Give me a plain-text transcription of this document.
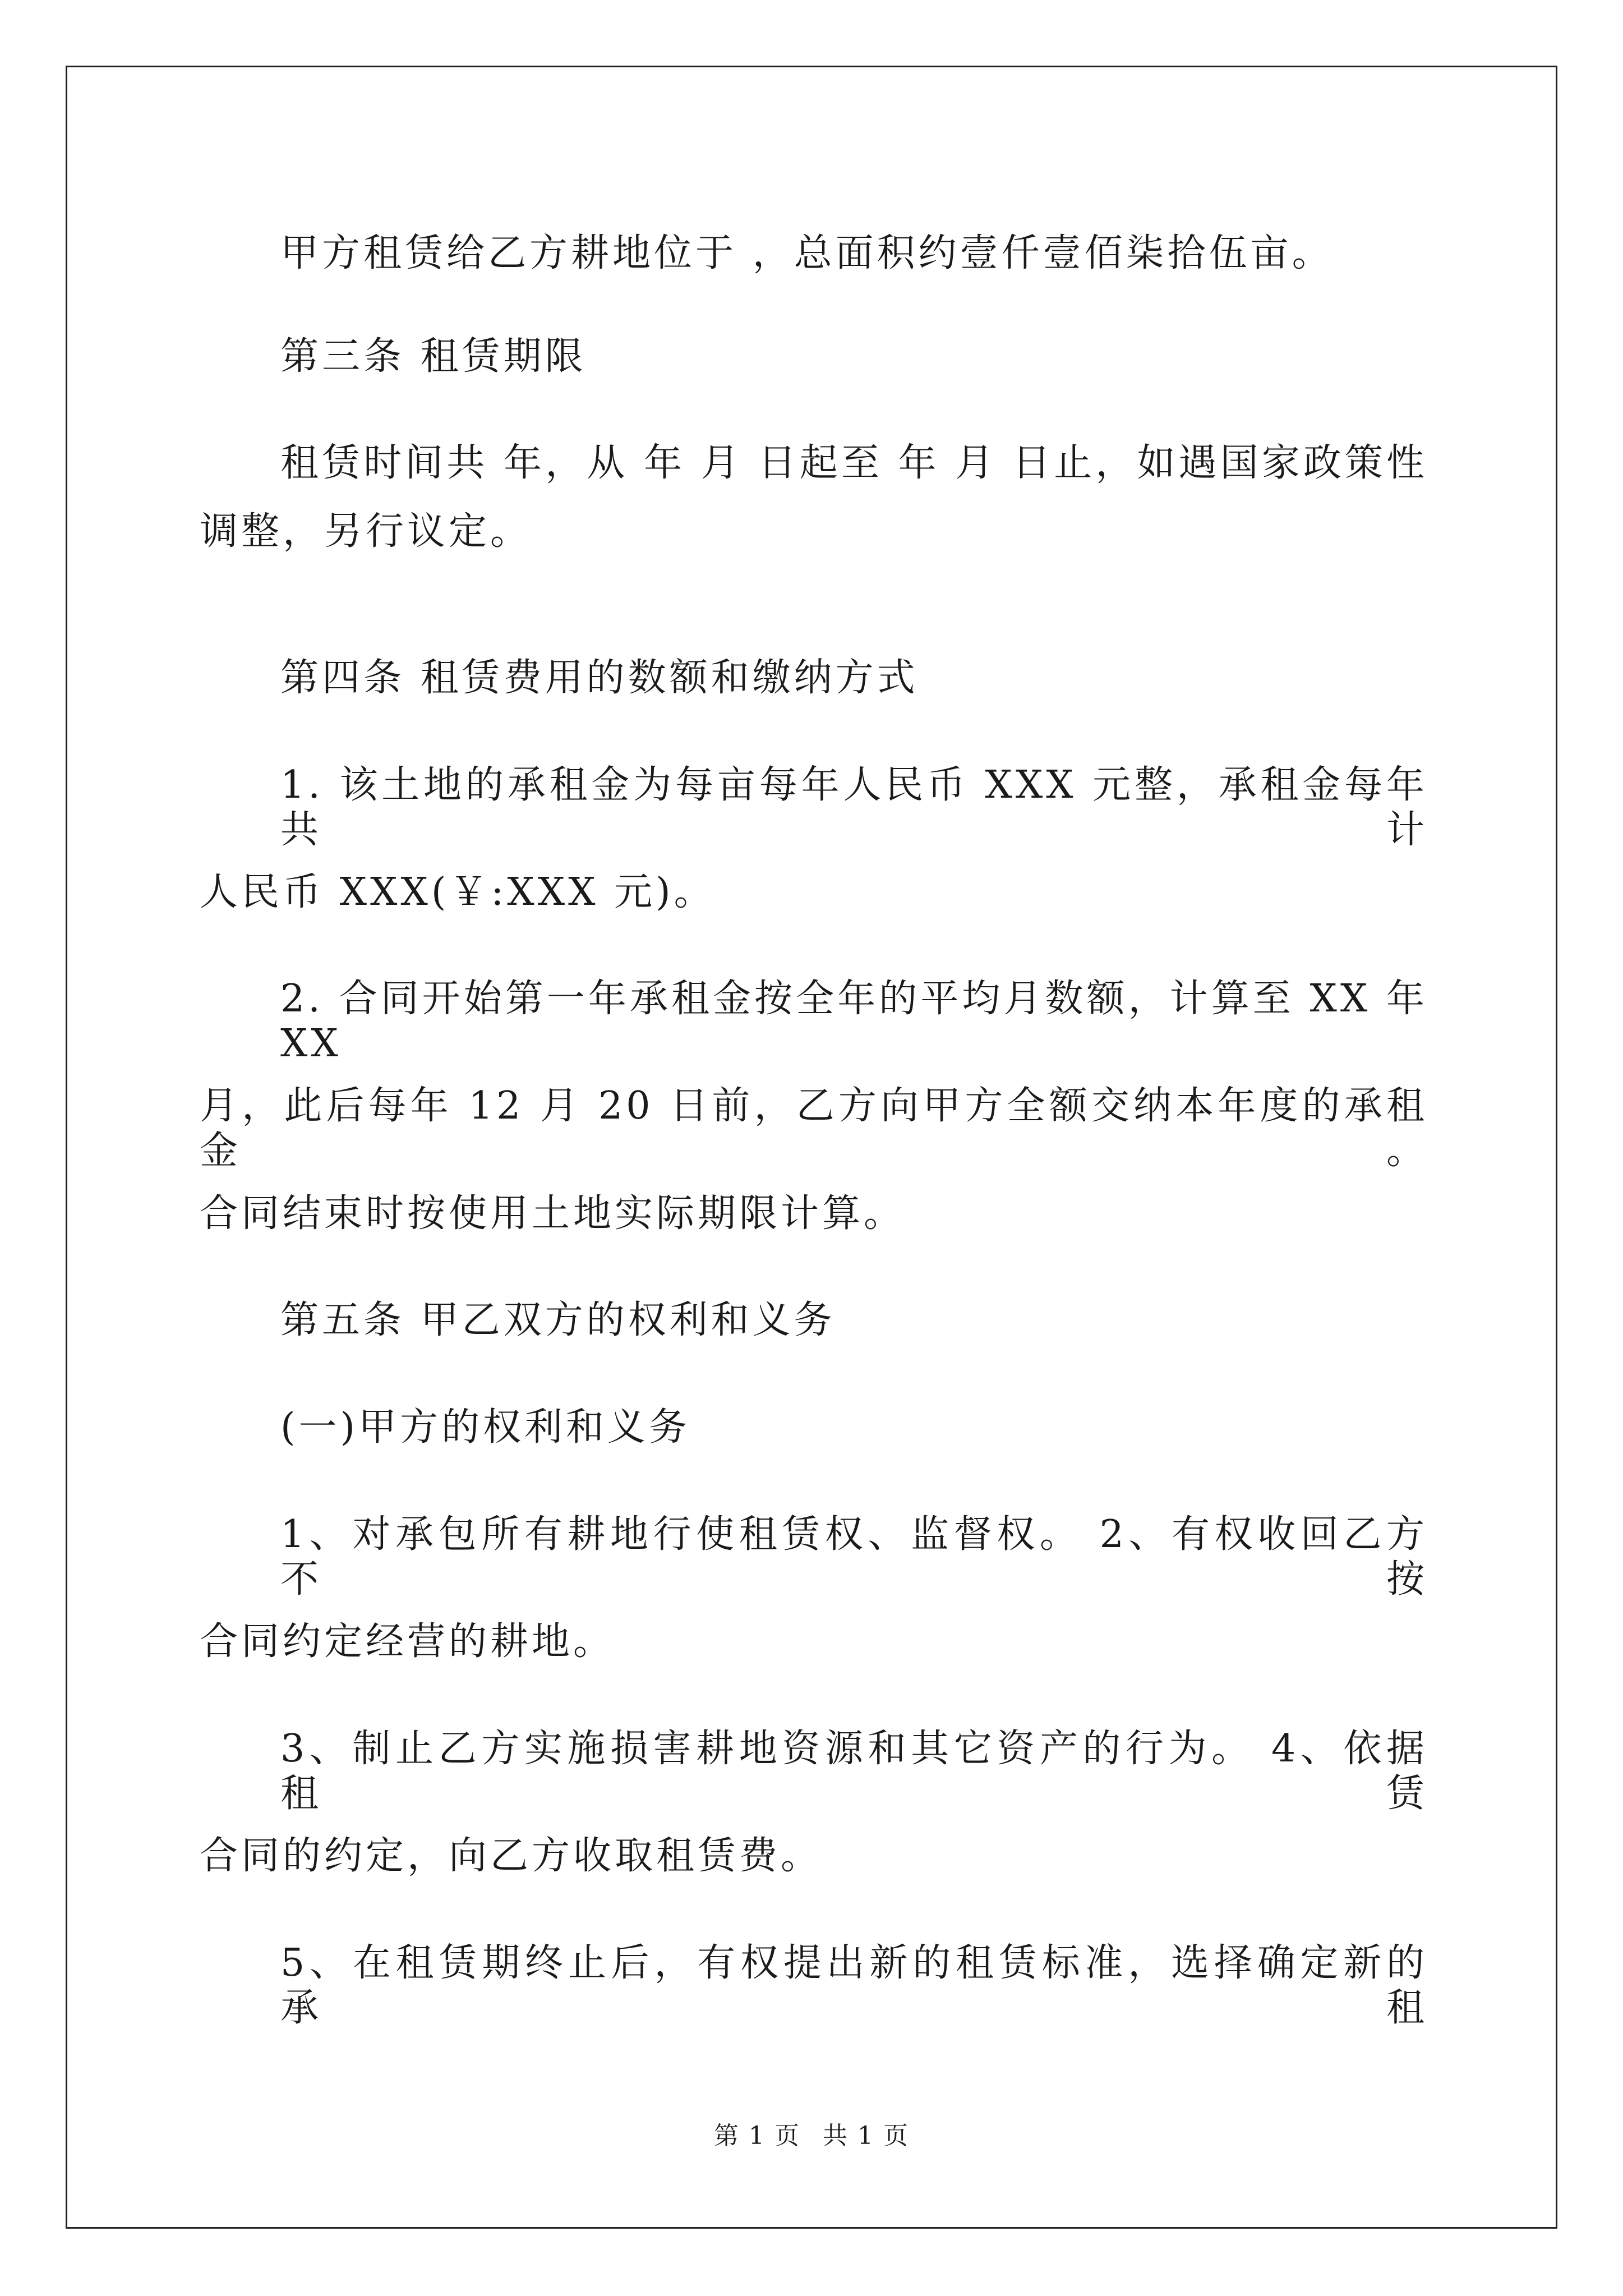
甲方租赁给乙方耕地位于 ，总面积约壹仟壹佰柒拾伍亩。
第三条 租赁期限
租赁时间共 年，从 年 月 日起至 年 月 日止，如遇国家政策性
调整，另行议定。
第四条 租赁费用的数额和缴纳方式
1. 该土地的承租金为每亩每年人民币 XXX 元整，承租金每年共计
人民币 XXX(￥:XXX 元)。
2. 合同开始第一年承租金按全年的平均月数额，计算至 XX 年 XX
月，此后每年 12 月 20 日前，乙方向甲方全额交纳本年度的承租金。
合同结束时按使用土地实际期限计算。
第五条 甲乙双方的权利和义务
(一)甲方的权利和义务
1、对承包所有耕地行使租赁权、监督权。 2、有权收回乙方不按
合同约定经营的耕地。
3、制止乙方实施损害耕地资源和其它资产的行为。 4、依据租赁
合同的约定，向乙方收取租赁费。
5、在租赁期终止后，有权提出新的租赁标准，选择确定新的承租
第 1 页 共 1 页
